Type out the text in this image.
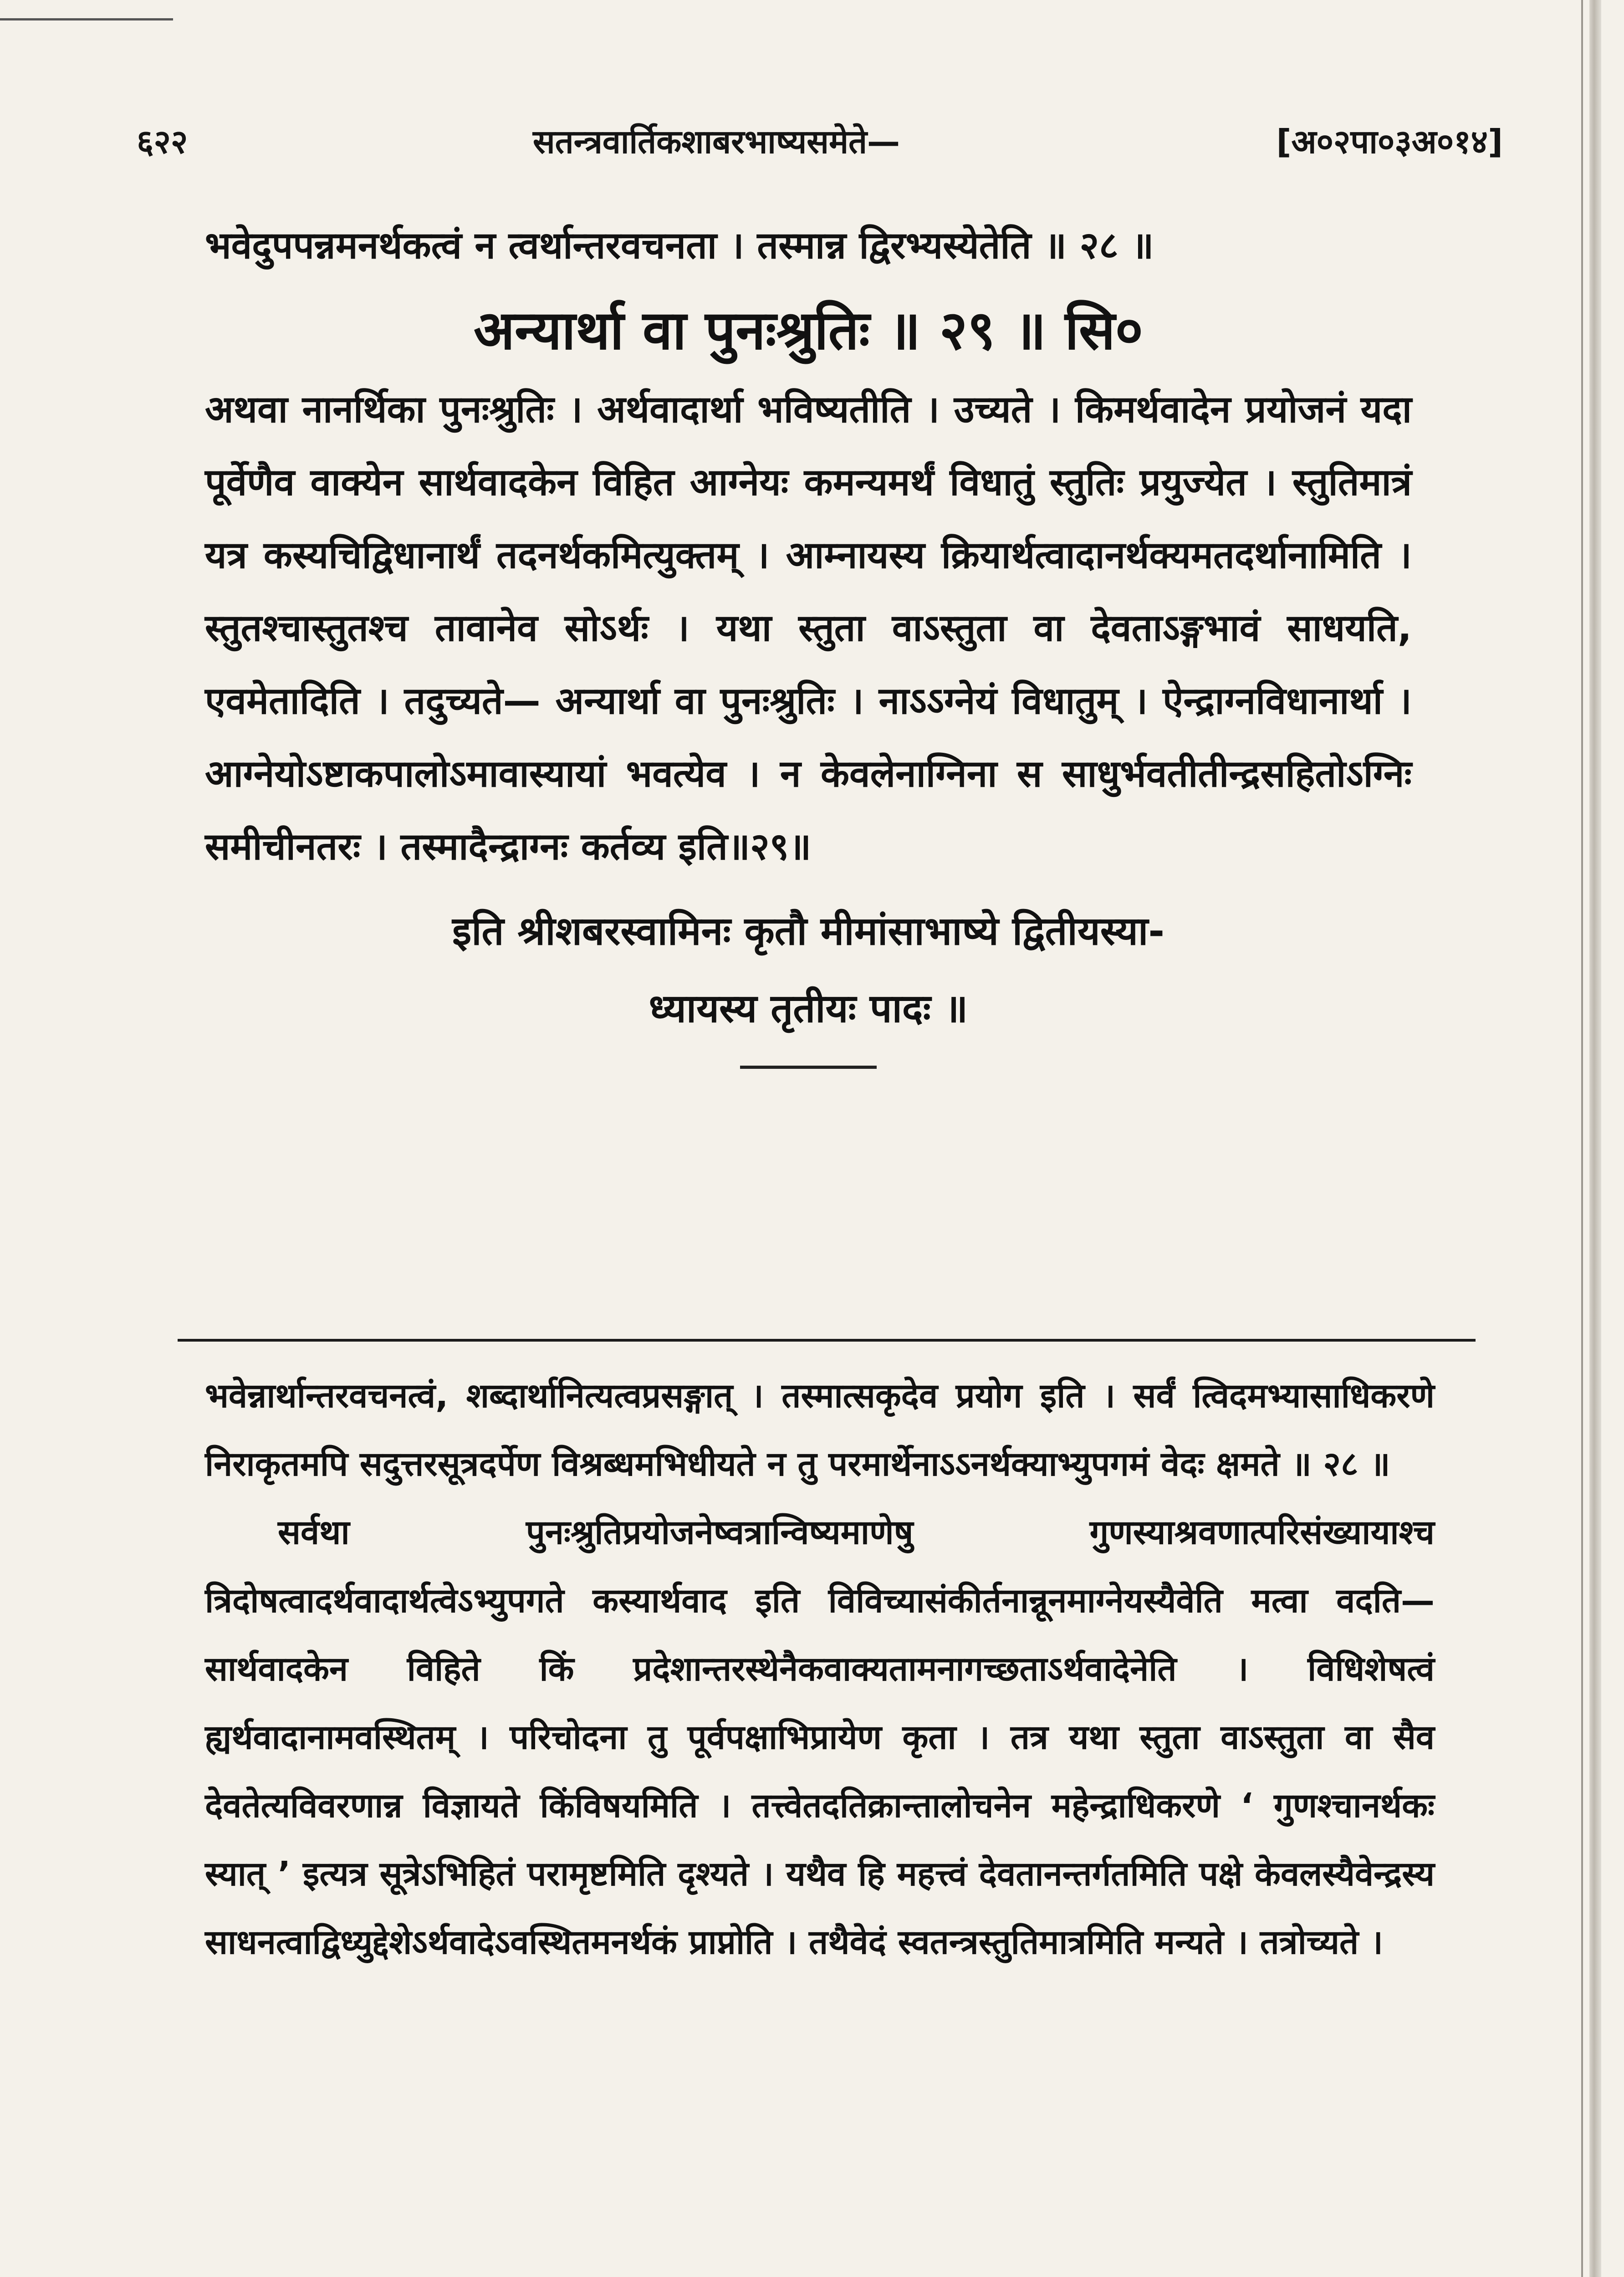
६२२	सतन्त्रवार्तिकशाबरभाष्यसमेते—	[अ०२पा०३अ०१४]

भवेदुपपन्नमनर्थकत्वं न त्वर्थान्तरवचनता । तस्मान्न द्विरभ्यस्येतेति ॥ २८ ॥

अन्यार्था वा पुनःश्रुतिः ॥ २९ ॥ सि०

अथवा नानर्थिका पुनःश्रुतिः । अर्थवादार्था भविष्यतीति । उच्यते । किमर्थवादेन प्रयोजनं यदा पूर्वेणैव वाक्येन सार्थवादकेन विहित आग्नेयः कमन्यमर्थं विधातुं स्तुतिः प्रयुज्येत । स्तुतिमात्रं यत्र कस्यचिद्विधानार्थं तदनर्थकमित्युक्तम् । आम्नायस्य क्रियार्थत्वादानर्थक्यमतदर्थानामिति । स्तुतश्चास्तुतश्च तावानेव सोऽर्थः । यथा स्तुता वाऽस्तुता वा देवताऽङ्गभावं साधयति, एवमेतादिति । तदुच्यते— अन्यार्था वा पुनःश्रुतिः । नाऽऽग्नेयं विधातुम् । ऐन्द्राग्नविधानार्था । आग्नेयोऽष्टाकपालोऽमावास्यायां भवत्येव । न केवलेनाग्निना स साधुर्भवतीतीन्द्रसहितोऽग्निः समीचीनतरः । तस्मादैन्द्राग्नः कर्तव्य इति॥२९॥

इति श्रीशबरस्वामिनः कृतौ मीमांसाभाष्ये द्वितीयस्या-
ध्यायस्य तृतीयः पादः ॥

भवेन्नार्थान्तरवचनत्वं, शब्दार्थानित्यत्वप्रसङ्गात् । तस्मात्सकृदेव प्रयोग इति । सर्वं त्विदमभ्यासाधिकरणे निराकृतमपि सदुत्तरसूत्रदर्पेण विश्रब्धमभिधीयते न तु परमार्थेनाऽऽनर्थक्याभ्युपगमं वेदः क्षमते ॥ २८ ॥

सर्वथा पुनःश्रुतिप्रयोजनेष्वत्रान्विष्यमाणेषु गुणस्याश्रवणात्परिसंख्यायाश्च त्रिदोषत्वादर्थवादार्थत्वेऽभ्युपगते कस्यार्थवाद इति विविच्यासंकीर्तनान्नूनमाग्नेयस्यैवेति मत्वा वदति—सार्थवादकेन विहिते किं प्रदेशान्तरस्थेनैकवाक्यतामनागच्छताऽर्थवादेनेति । विधिशेषत्वं ह्यर्थवादानामवस्थितम् । परिचोदना तु पूर्वपक्षाभिप्रायेण कृता । तत्र यथा स्तुता वाऽस्तुता वा सैव देवतेत्यविवरणान्न विज्ञायते किंविषयमिति । तत्त्वेतदतिक्रान्तालोचनेन महेन्द्राधिकरणे ‘ गुणश्चानर्थकः स्यात् ’ इत्यत्र सूत्रेऽभिहितं परामृष्टमिति दृश्यते । यथैव हि महत्त्वं देवतानन्तर्गतमिति पक्षे केवलस्यैवेन्द्रस्य साधनत्वाद्विध्युद्देशेऽर्थवादेऽवस्थितमनर्थकं प्राप्नोति । तथैवेदं स्वतन्त्रस्तुतिमात्रमिति मन्यते । तत्रोच्यते ।
